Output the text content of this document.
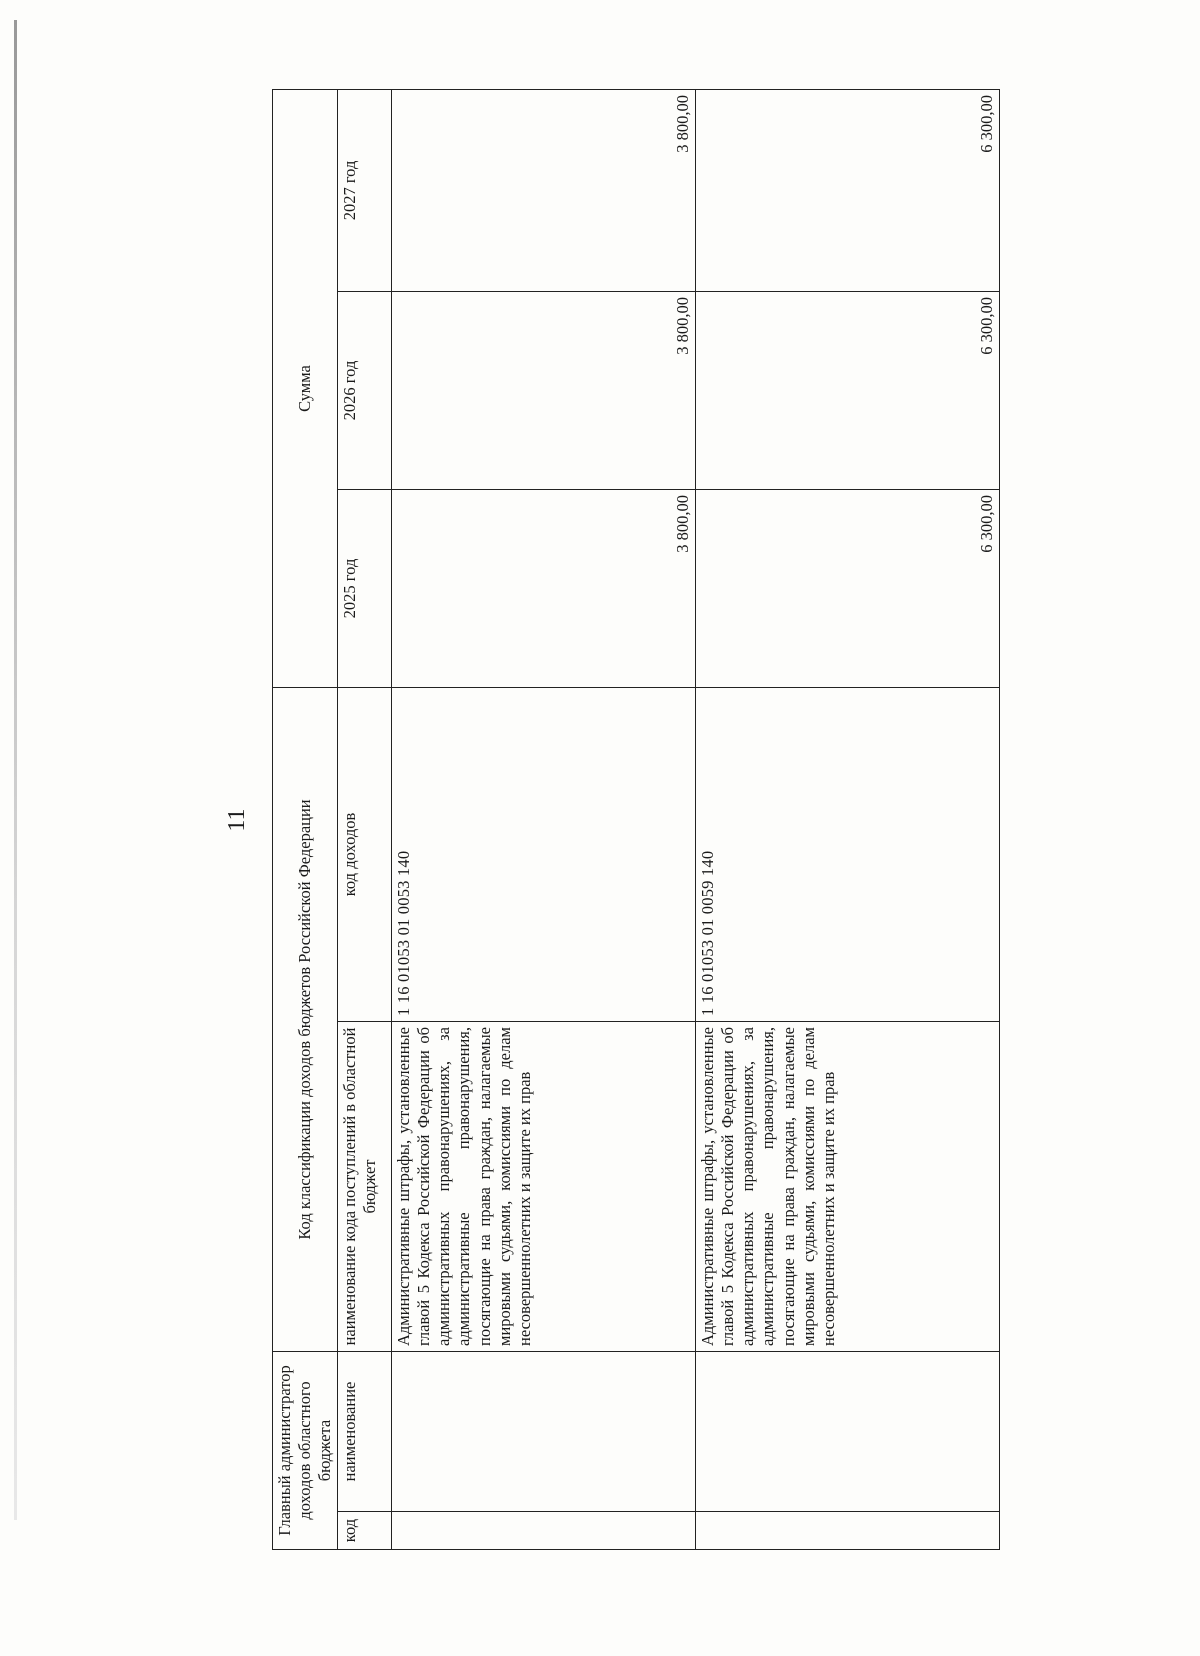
11
Главный администратор доходов областного бюджета		Код классификации доходов бюджетов Российской Федерации		Сумма		
код	наименование	наименование кода поступлений в областной бюджет	код доходов	2025 год	2026 год	2027 год
		Административные штрафы, установленные главой 5 Кодекса Российской Федерации об административных правонарушениях, за административные правонарушения, посягающие на права граждан, налагаемые мировыми судьями, комиссиями по делам несовершеннолетних и защите их прав	1 16 01053 01 0053 140	3 800,00	3 800,00	3 800,00
		Административные штрафы, установленные главой 5 Кодекса Российской Федерации об административных правонарушениях, за административные правонарушения, посягающие на права граждан, налагаемые мировыми судьями, комиссиями по делам несовершеннолетних и защите их прав	1 16 01053 01 0059 140	6 300,00	6 300,00	6 300,00
